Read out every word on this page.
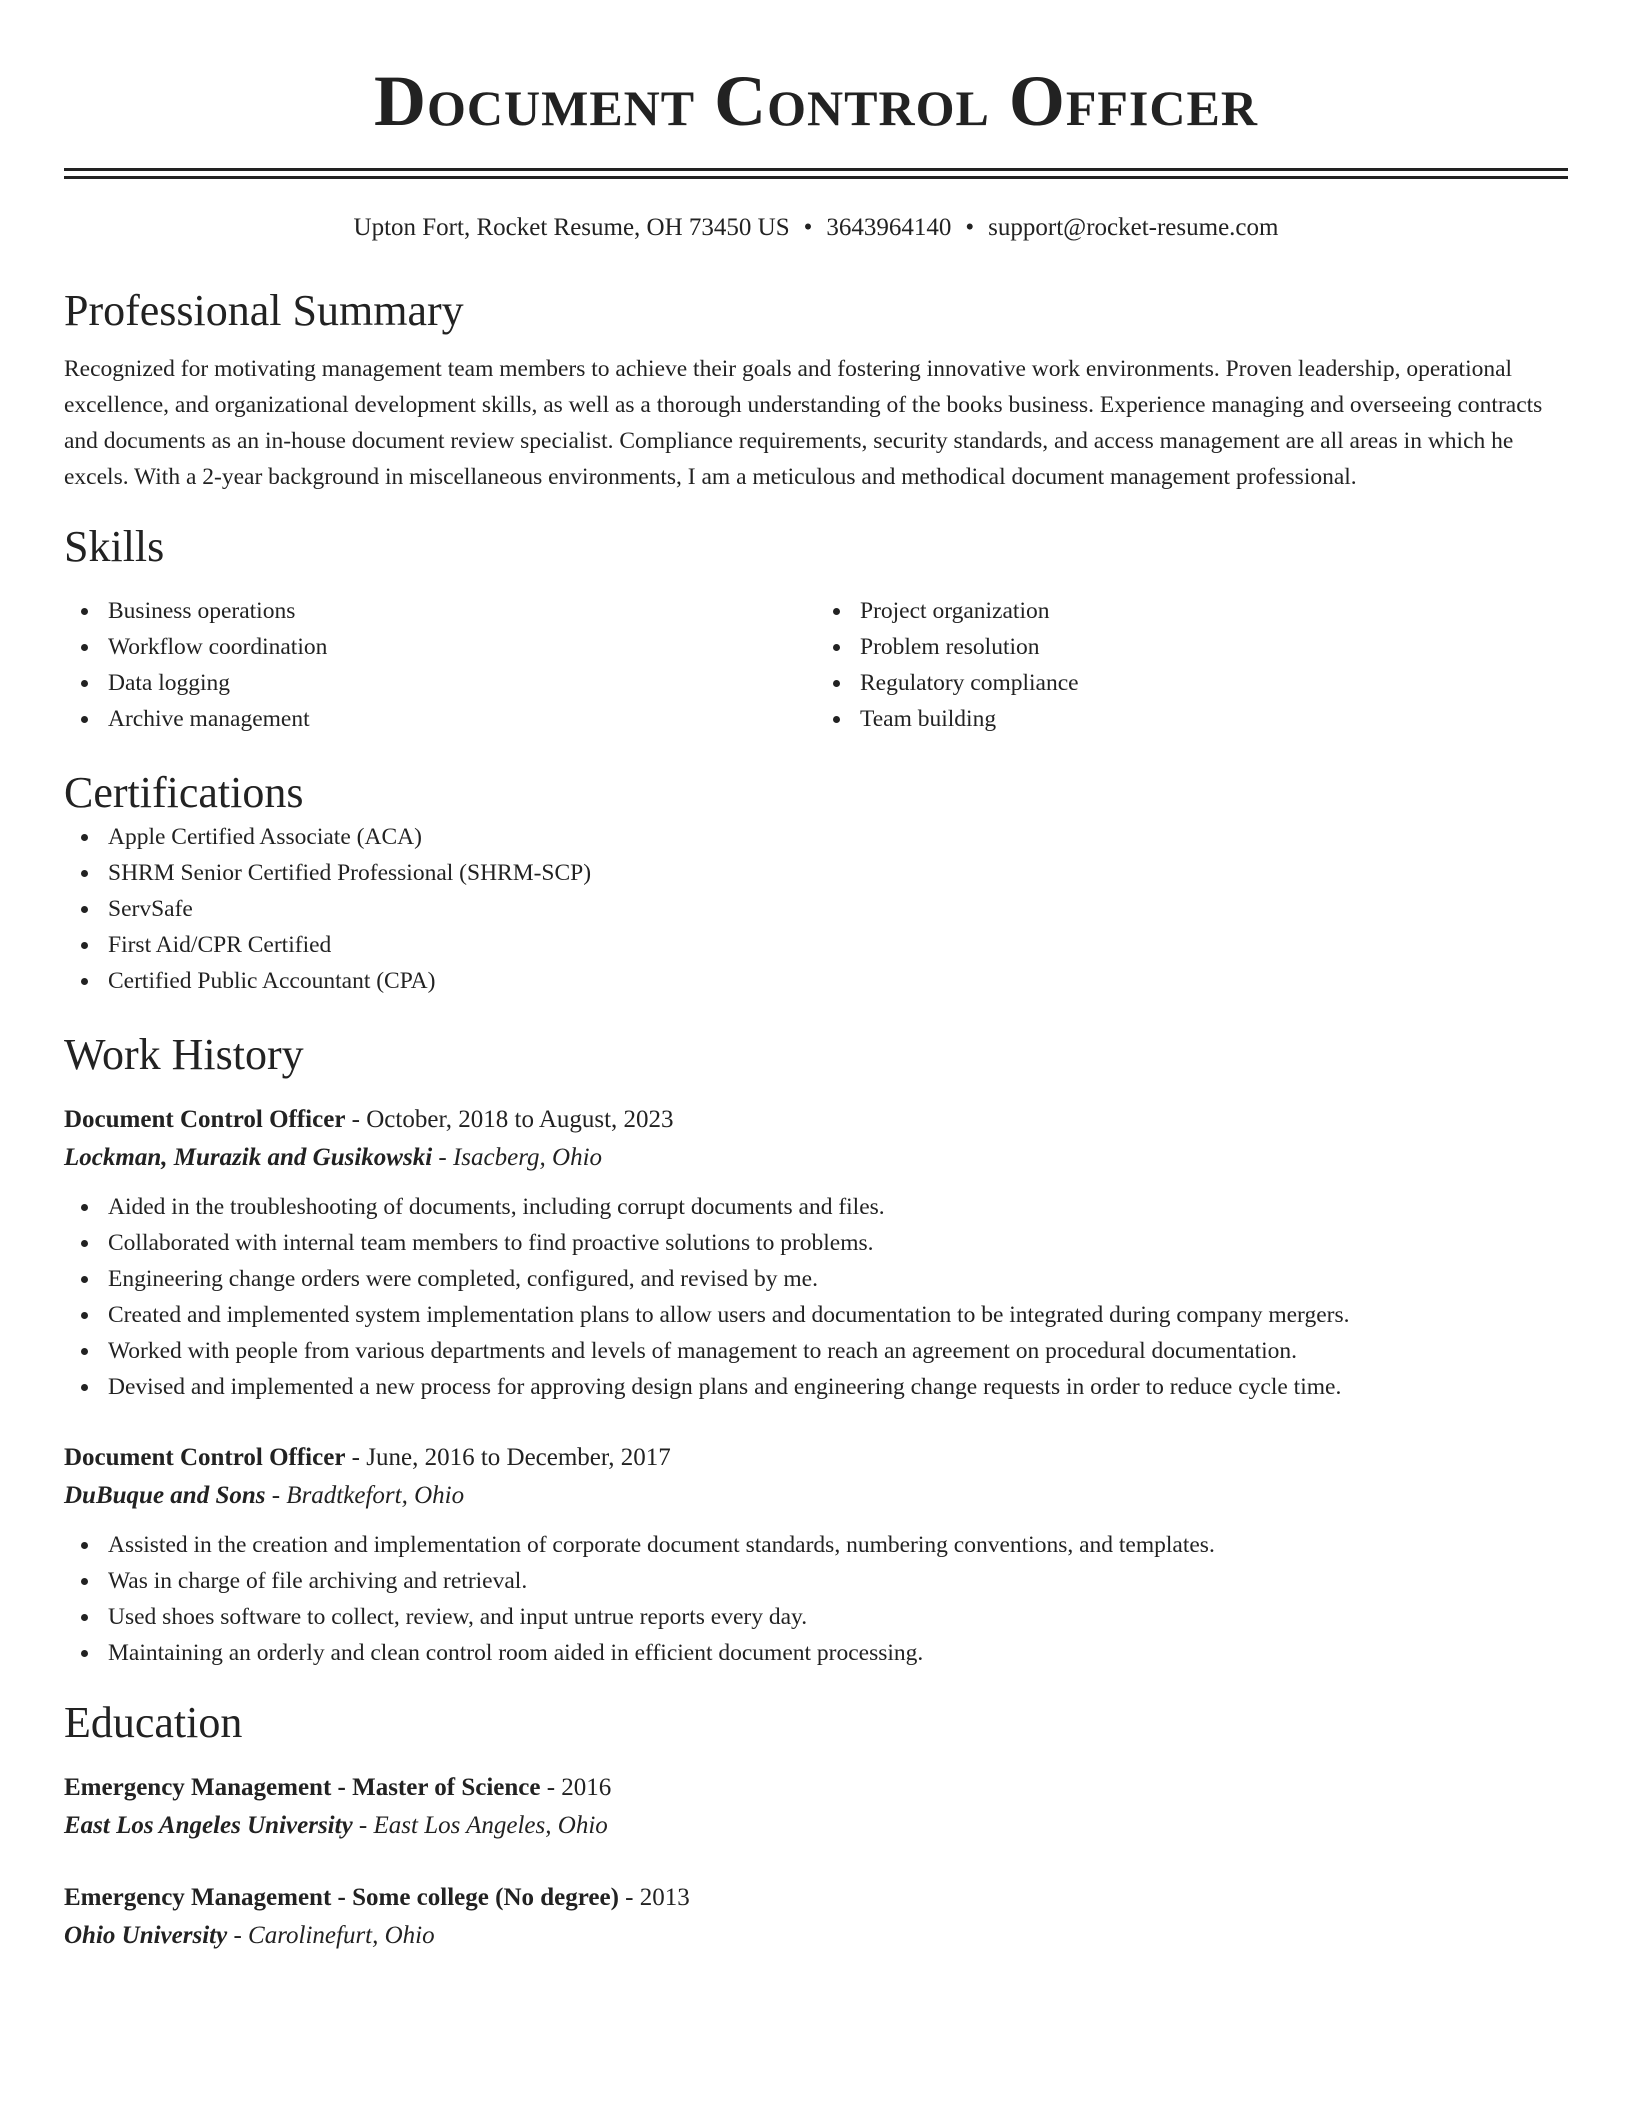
Document Control Officer
Upton Fort, Rocket Resume, OH 73450 US • 3643964140 • support@rocket-resume.com
Professional Summary

Recognized for motivating management team members to achieve their goals and fostering innovative work environments. Proven leadership, operational excellence, and organizational development skills, as well as a thorough understanding of the books business. Experience managing and overseeing contracts and documents as an in-house document review specialist. Compliance requirements, security standards, and access management are all areas in which he excels. With a 2-year background in miscellaneous environments, I am a meticulous and methodical document management professional.

Skills
Business operations
Workflow coordination
Data logging
Archive management
Project organization
Problem resolution
Regulatory compliance
Team building
Certifications
Apple Certified Associate (ACA)
SHRM Senior Certified Professional (SHRM-SCP)
ServSafe
First Aid/CPR Certified
Certified Public Accountant (CPA)
Work History
Document Control Officer - October, 2018 to August, 2023
Lockman, Murazik and Gusikowski - Isacberg, Ohio
Aided in the troubleshooting of documents, including corrupt documents and files.
Collaborated with internal team members to find proactive solutions to problems.
Engineering change orders were completed, configured, and revised by me.
Created and implemented system implementation plans to allow users and documentation to be integrated during company mergers.
Worked with people from various departments and levels of management to reach an agreement on procedural documentation.
Devised and implemented a new process for approving design plans and engineering change requests in order to reduce cycle time.
Document Control Officer - June, 2016 to December, 2017
DuBuque and Sons - Bradtkefort, Ohio
Assisted in the creation and implementation of corporate document standards, numbering conventions, and templates.
Was in charge of file archiving and retrieval.
Used shoes software to collect, review, and input untrue reports every day.
Maintaining an orderly and clean control room aided in efficient document processing.
Education
Emergency Management - Master of Science - 2016
East Los Angeles University - East Los Angeles, Ohio
Emergency Management - Some college (No degree) - 2013
Ohio University - Carolinefurt, Ohio
